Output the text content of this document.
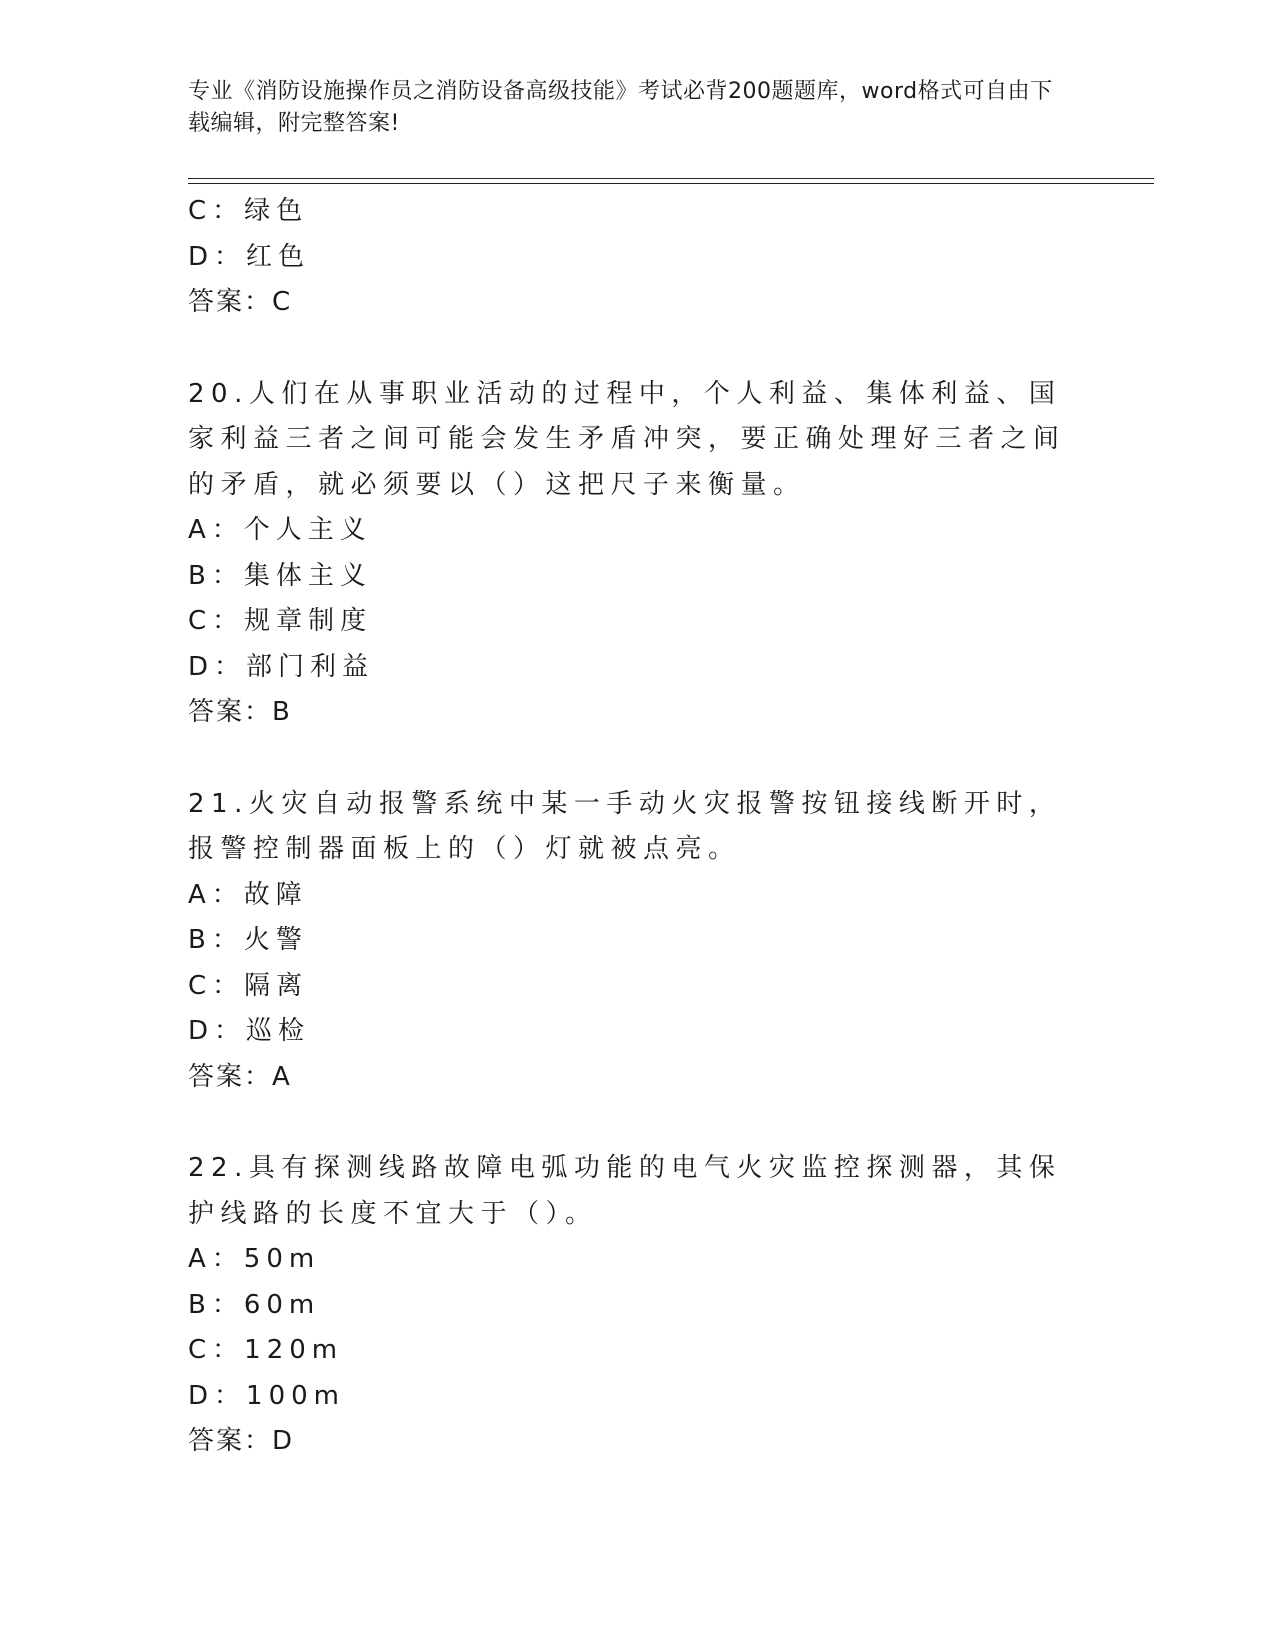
专业《消防设施操作员之消防设备高级技能》考试必背200题题库，word格式可自由下载编辑，附完整答案!
C：绿色
D：红色
答案：C
20.人们在从事职业活动的过程中，个人利益、集体利益、国家利益三者之间可能会发生矛盾冲突，要正确处理好三者之间的矛盾，就必须要以（）这把尺子来衡量。
A：个人主义
B：集体主义
C：规章制度
D：部门利益
答案：B
21.火灾自动报警系统中某一手动火灾报警按钮接线断开时，报警控制器面板上的（）灯就被点亮。
A：故障
B：火警
C：隔离
D：巡检
答案：A
22.具有探测线路故障电弧功能的电气火灾监控探测器，其保护线路的长度不宜大于（）。
A：50m
B：60m
C：120m
D：100m
答案：D
